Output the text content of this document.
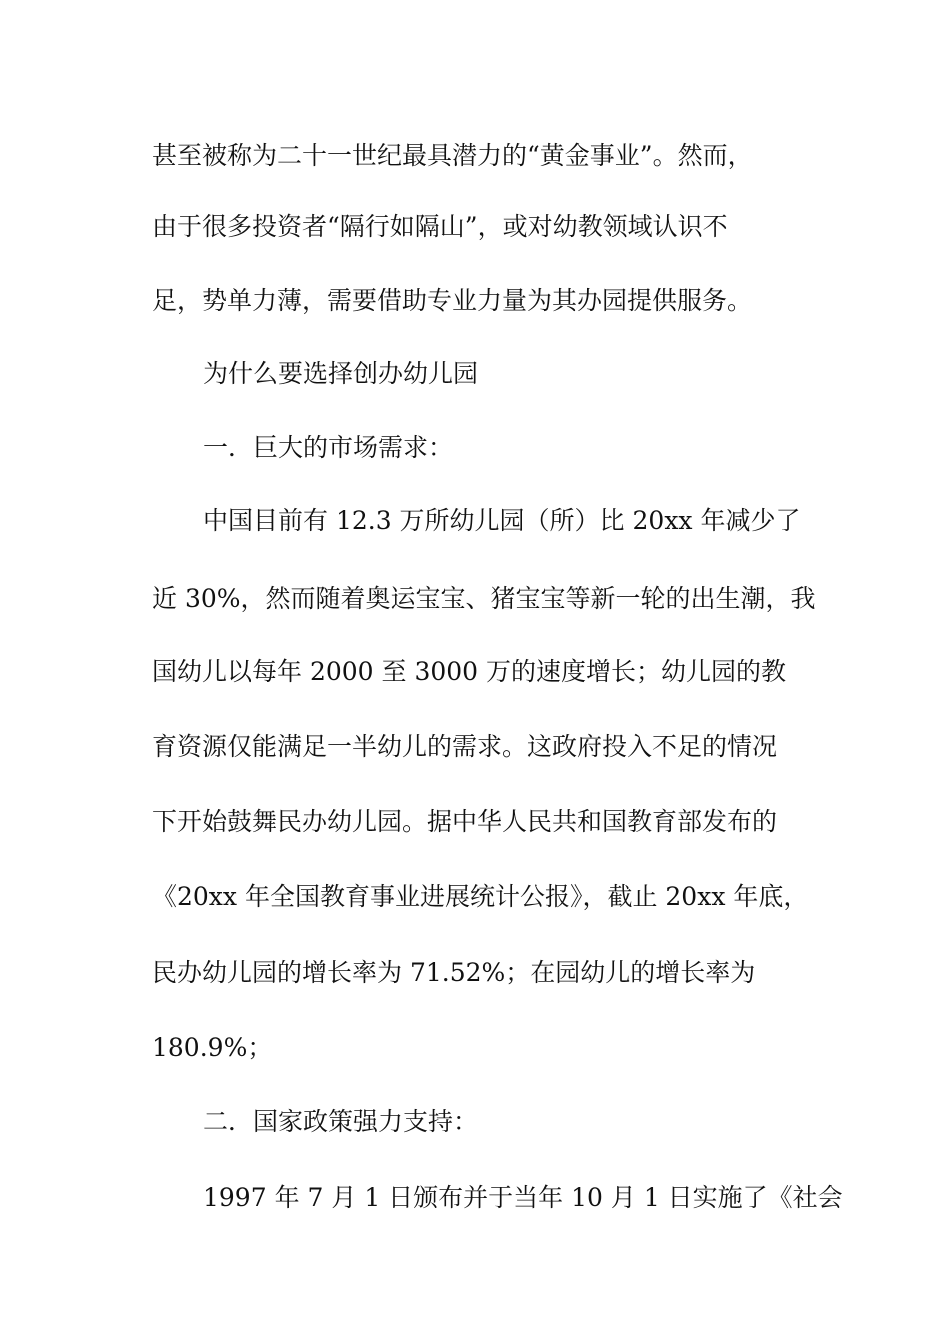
甚至被称为二十一世纪最具潜力的“黄金事业”。然而，
由于很多投资者“隔行如隔山”，或对幼教领域认识不
足，势单力薄，需要借助专业力量为其办园提供服务。
为什么要选择创办幼儿园
一．巨大的市场需求：
中国目前有 12.3 万所幼儿园（所）比 20xx 年减少了
近 30%，然而随着奥运宝宝、猪宝宝等新一轮的出生潮，我
国幼儿以每年 2000 至 3000 万的速度增长；幼儿园的教
育资源仅能满足一半幼儿的需求。这政府投入不足的情况
下开始鼓舞民办幼儿园。据中华人民共和国教育部发布的
《20xx 年全国教育事业进展统计公报》，截止 20xx 年底，
民办幼儿园的增长率为 71.52%；在园幼儿的增长率为
180.9%；
二．国家政策强力支持：
1997 年 7 月 1 日颁布并于当年 10 月 1 日实施了《社会
